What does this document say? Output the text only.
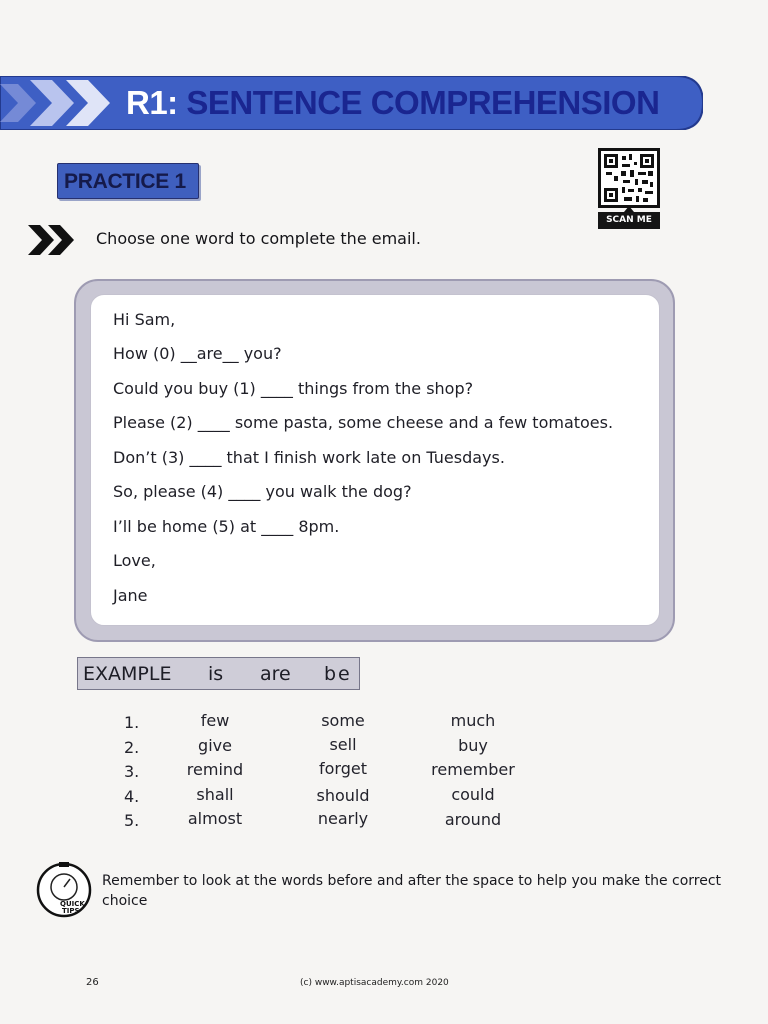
R1: SENTENCE COMPREHENSION
PRACTICE 1
SCAN ME
Choose one word to complete the email.
Hi Sam,
How (0) __are__ you?
Could you buy (1) ____ things from the shop?
Please (2) ____ some pasta, some cheese and a few tomatoes.
Don’t (3) ____ that I finish work late on Tuesdays.
So, please (4) ____ you walk the dog?
I’ll be home (5) at ____ 8pm.
Love,
Jane
EXAMPLE is are be
1.	few	some	much
2.	give	sell	buy
3.	remind	forget	remember
4.	shall	should	could
5.	almost	nearly	around
QUICK
TIPS
Remember to look at the words before and after the space to help you make the correct choice
26	(c) www.aptisacademy.com 2020
